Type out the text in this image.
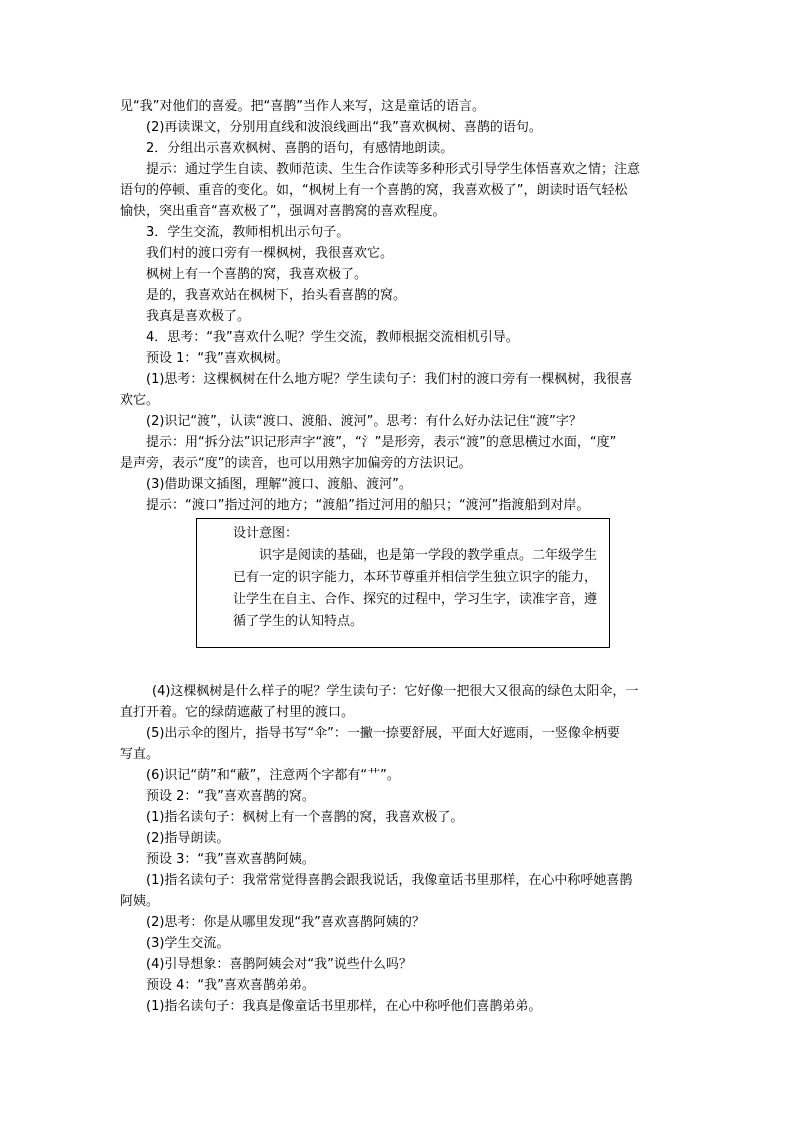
见“我”对他们的喜爱。把“喜鹊”当作人来写，这是童话的语言。
(2)再读课文，分别用直线和波浪线画出“我”喜欢枫树、喜鹊的语句。
2．分组出示喜欢枫树、喜鹊的语句，有感情地朗读。
提示：通过学生自读、教师范读、生生合作读等多种形式引导学生体悟喜欢之情；注意
语句的停顿、重音的变化。如，“枫树上有一个喜鹊的窝，我喜欢极了”，朗读时语气轻松
愉快，突出重音“喜欢极了”，强调对喜鹊窝的喜欢程度。
3．学生交流，教师相机出示句子。
我们村的渡口旁有一棵枫树，我很喜欢它。
枫树上有一个喜鹊的窝，我喜欢极了。
是的，我喜欢站在枫树下，抬头看喜鹊的窝。
我真是喜欢极了。
4．思考：“我”喜欢什么呢？学生交流，教师根据交流相机引导。
预设 1：“我”喜欢枫树。
(1)思考：这棵枫树在什么地方呢？学生读句子：我们村的渡口旁有一棵枫树，我很喜
欢它。
(2)识记“渡”，认读“渡口、渡船、渡河”。思考：有什么好办法记住“渡”字？
提示：用“拆分法”识记形声字“渡”，“氵”是形旁，表示“渡”的意思横过水面，“度”
是声旁，表示“度”的读音，也可以用熟字加偏旁的方法识记。
(3)借助课文插图，理解“渡口、渡船、渡河”。
提示：“渡口”指过河的地方；“渡船”指过河用的船只；“渡河”指渡船到对岸。
设计意图：
识字是阅读的基础，也是第一学段的教学重点。二年级学生
已有一定的识字能力，本环节尊重并相信学生独立识字的能力，
让学生在自主、合作、探究的过程中，学习生字，读准字音，遵
循了学生的认知特点。
(4)这棵枫树是什么样子的呢？学生读句子：它好像一把很大又很高的绿色太阳伞，一
直打开着。它的绿荫遮蔽了村里的渡口。
(5)出示伞的图片，指导书写“伞”：一撇一捺要舒展，平面大好遮雨，一竖像伞柄要
写直。
(6)识记“荫”和“蔽”，注意两个字都有“艹”。
预设 2：“我”喜欢喜鹊的窝。
(1)指名读句子：枫树上有一个喜鹊的窝，我喜欢极了。
(2)指导朗读。
预设 3：“我”喜欢喜鹊阿姨。
(1)指名读句子：我常常觉得喜鹊会跟我说话，我像童话书里那样，在心中称呼她喜鹊
阿姨。
(2)思考：你是从哪里发现“我”喜欢喜鹊阿姨的？
(3)学生交流。
(4)引导想象：喜鹊阿姨会对“我”说些什么吗？
预设 4：“我”喜欢喜鹊弟弟。
(1)指名读句子：我真是像童话书里那样，在心中称呼他们喜鹊弟弟。
